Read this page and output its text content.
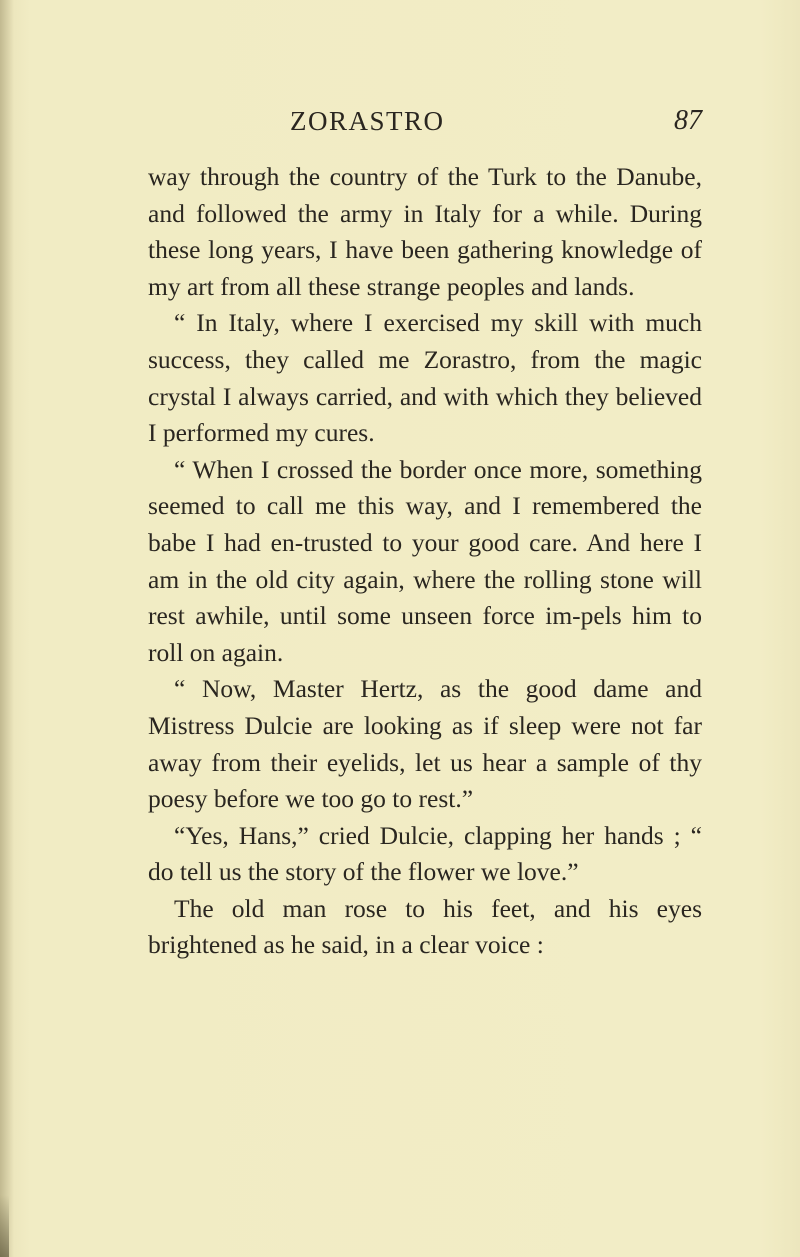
ZORASTRO	87

way through the country of the Turk to the Danube, and followed the army in Italy for a while. During these long years, I have been gathering knowledge of my art from all these strange peoples and lands.

“ In Italy, where I exercised my skill with much success, they called me Zorastro, from the magic crystal I always carried, and with which they believed I performed my cures.

“ When I crossed the border once more, something seemed to call me this way, and I remembered the babe I had en-trusted to your good care. And here I am in the old city again, where the rolling stone will rest awhile, until some unseen force im-pels him to roll on again.

“ Now, Master Hertz, as the good dame and Mistress Dulcie are looking as if sleep were not far away from their eyelids, let us hear a sample of thy poesy before we too go to rest.”

“Yes, Hans,” cried Dulcie, clapping her hands ; “ do tell us the story of the flower we love.”

The old man rose to his feet, and his eyes brightened as he said, in a clear voice :
